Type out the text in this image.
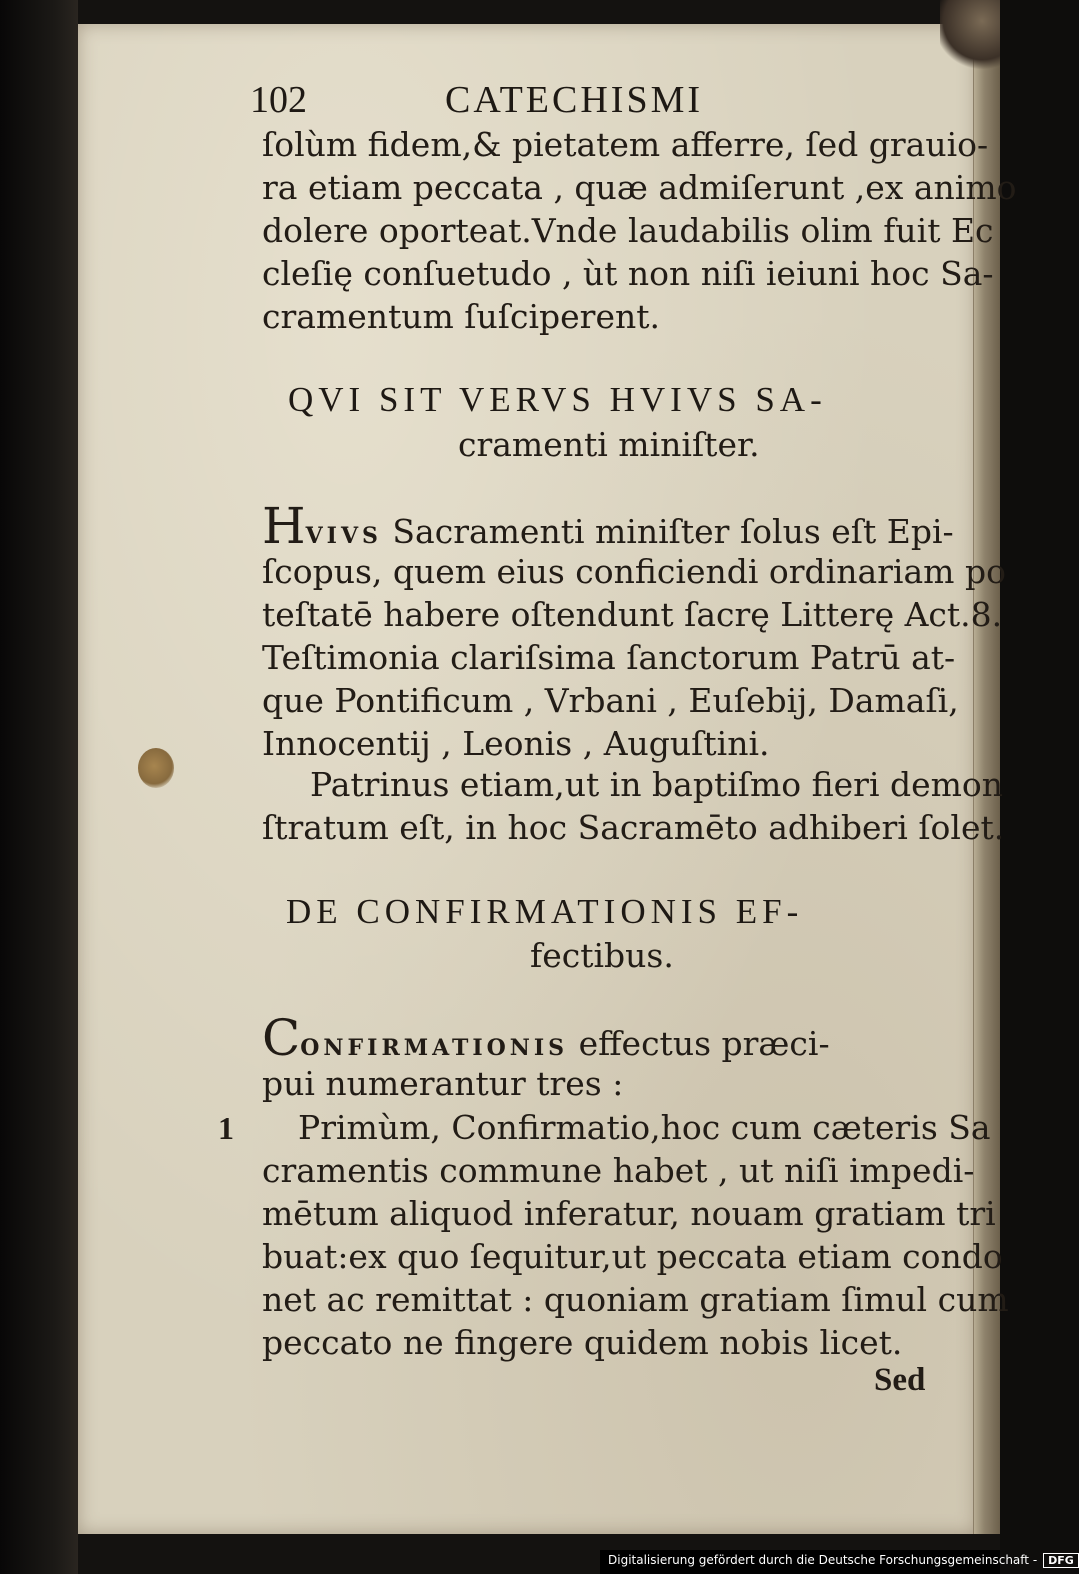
102	CATECHISMI
ſolùm fidem,& pietatem afferre, ſed grauio-
ra etiam peccata , quæ admiſerunt ,ex animo
dolere oporteat.Vnde laudabilis olim fuit Ec
cleſię conſuetudo , ùt non niſi ieiuni hoc Sa-
cramentum ſuſciperent.
QVI SIT VERVS HVIVS SA-
cramenti miniſter.
HVIVS Sacramenti miniſter ſolus eſt Epi-
ſcopus, quem eius conficiendi ordinariam po
teſtatē habere oſtendunt ſacrę Litterę Act.8.
Teſtimonia clariſsima ſanctorum Patrū at-
que Pontificum , Vrbani , Euſebij, Damaſi,
Innocentij , Leonis , Auguſtini.
Patrinus etiam,ut in baptiſmo fieri demon
ſtratum eſt, in hoc Sacramēto adhiberi ſolet.
DE CONFIRMATIONIS EF-
fectibus.
CONFIRMATIONIS effectus præci-
pui numerantur tres :
1 Primùm, Confirmatio,hoc cum cæteris Sa
cramentis commune habet , ut niſi impedi-
mētum aliquod inferatur, nouam gratiam tri
buat:ex quo ſequitur,ut peccata etiam condo
net ac remittat : quoniam gratiam ſimul cum
peccato ne fingere quidem nobis licet.
Sed
Digitalisierung gefördert durch die Deutsche Forschungsgemeinschaft - DFG
